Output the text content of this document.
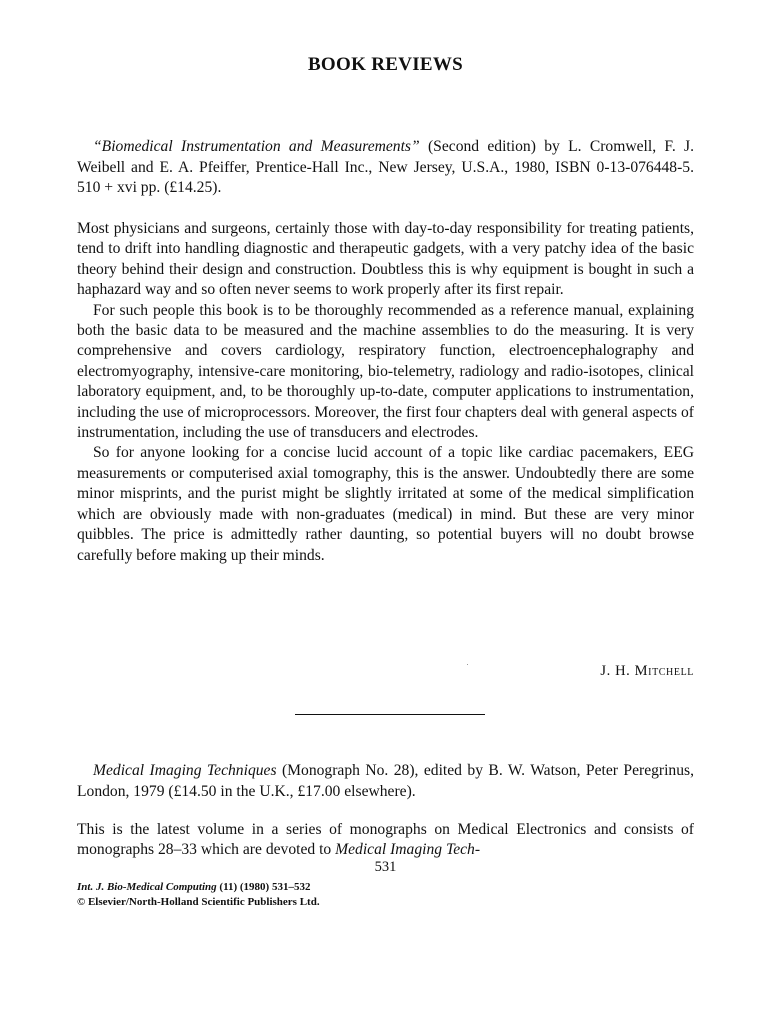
BOOK REVIEWS
“Biomedical Instrumentation and Measurements” (Second edition) by L. Cromwell, F. J. Weibell and E. A. Pfeiffer, Prentice-Hall Inc., New Jersey, U.S.A., 1980, ISBN 0-13-076448-5. 510 + xvi pp. (£14.25).

Most physicians and surgeons, certainly those with day-to-day responsibility for treating patients, tend to drift into handling diagnostic and therapeutic gadgets, with a very patchy idea of the basic theory behind their design and construction. Doubtless this is why equipment is bought in such a haphazard way and so often never seems to work properly after its first repair.

For such people this book is to be thoroughly recommended as a reference manual, explaining both the basic data to be measured and the machine assemblies to do the measuring. It is very comprehensive and covers cardiology, respiratory function, electroencephalography and electromyography, intensive-care monitoring, bio-telemetry, radiology and radio-isotopes, clinical laboratory equipment, and, to be thoroughly up-to-date, computer applications to instrumentation, including the use of microprocessors. Moreover, the first four chapters deal with general aspects of instrumentation, including the use of transducers and electrodes.

So for anyone looking for a concise lucid account of a topic like cardiac pacemakers, EEG measurements or computerised axial tomography, this is the answer. Undoubtedly there are some minor misprints, and the purist might be slightly irritated at some of the medical simplification which are obviously made with non-graduates (medical) in mind. But these are very minor quibbles. The price is admittedly rather daunting, so potential buyers will no doubt browse carefully before making up their minds.

J. H. Mitchell
Medical Imaging Techniques (Monograph No. 28), edited by B. W. Watson, Peter Peregrinus, London, 1979 (£14.50 in the U.K., £17.00 elsewhere).

This is the latest volume in a series of monographs on Medical Electronics and consists of monographs 28–33 which are devoted to Medical Imaging Tech-

531
Int. J. Bio-Medical Computing (11) (1980) 531–532
© Elsevier/North-Holland Scientific Publishers Ltd.
